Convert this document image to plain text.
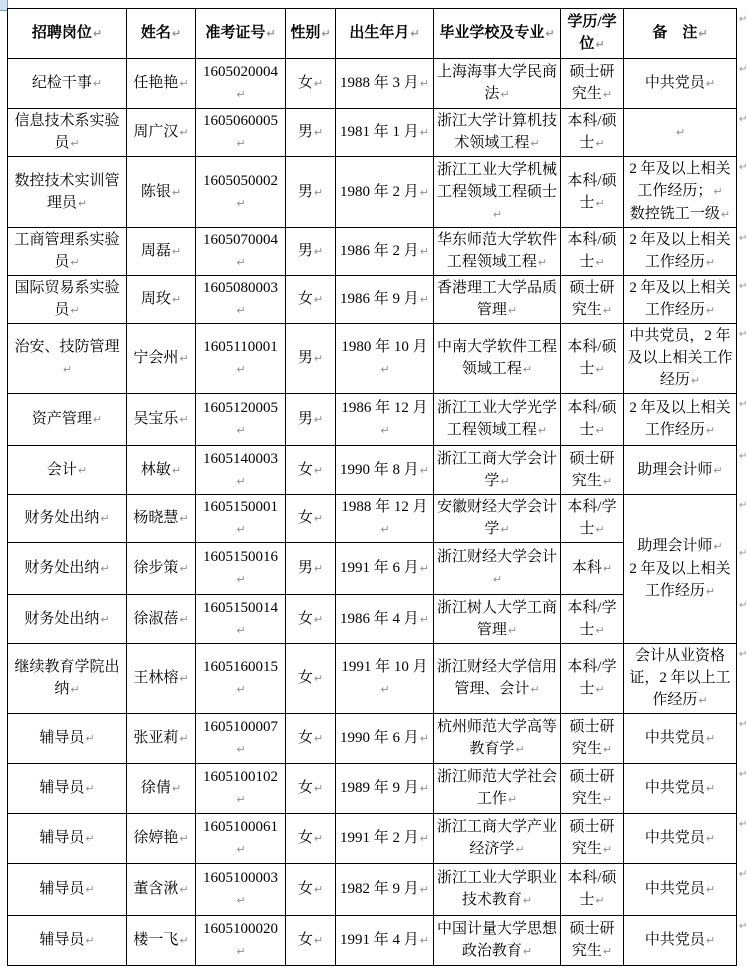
招聘岗位↵	姓名↵	准考证号↵	性别↵	出生年月↵	毕业学校及专业↵	学历/学位↵	备　注↵

纪检干事↵	任艳艳↵	1605020004↵	女↵	1988 年 3 月↵	上海海事大学民商法↵	硕士研究生↵	中共党员↵

信息技术系实验员↵	周广汉↵	1605060005↵	男↵	1981 年 1 月↵	浙江大学计算机技术领域工程↵	本科/硕士↵	↵

数控技术实训管理员↵	陈银↵	1605050002↵	男↵	1980 年 2 月↵	浙江工业大学机械工程领域工程硕士↵	本科/硕士↵	2 年及以上相关工作经历；↵
数控铣工一级↵

工商管理系实验员↵	周磊↵	1605070004↵	男↵	1986 年 2 月↵	华东师范大学软件工程领域工程↵	本科/硕士↵	2 年及以上相关工作经历↵

国际贸易系实验员↵	周玫↵	1605080003↵	女↵	1986 年 9 月↵	香港理工大学品质管理↵	硕士研究生↵	2 年及以上相关工作经历↵

治安、技防管理↵	宁会州↵	1605110001↵	男↵	1980 年 10 月↵	中南大学软件工程领域工程↵	本科/硕士↵	中共党员，2 年及以上相关工作经历↵

资产管理↵	吴宝乐↵	1605120005↵	男↵	1986 年 12 月↵	浙江工业大学光学工程领域工程↵	本科/硕士↵	2 年及以上相关工作经历↵

会计↵	林敏↵	1605140003↵	女↵	1990 年 8 月↵	浙江工商大学会计学↵	硕士研究生↵	助理会计师↵

财务处出纳↵	杨晓慧↵	1605150001↵	女↵	1988 年 12 月↵	安徽财经大学会计学↵	本科/学士↵	助理会计师↵
2 年及以上相关工作经历↵

财务处出纳↵	徐步策↵	1605150016↵	男↵	1991 年 6 月↵	浙江财经大学会计↵	本科↵	

财务处出纳↵	徐淑蓓↵	1605150014↵	女↵	1986 年 4 月↵	浙江树人大学工商管理↵	本科/学士↵	

继续教育学院出纳↵	王林榕↵	1605160015↵	女↵	1991 年 10 月↵	浙江财经大学信用管理、会计↵	本科/学士↵	会计从业资格证，2 年以上工作经历↵

辅导员↵	张亚莉↵	1605100007↵	女↵	1990 年 6 月↵	杭州师范大学高等教育学↵	硕士研究生↵	中共党员↵

辅导员↵	徐倩↵	1605100102↵	女↵	1989 年 9 月↵	浙江师范大学社会工作↵	硕士研究生↵	中共党员↵

辅导员↵	徐婷艳↵	1605100061↵	女↵	1991 年 2 月↵	浙江工商大学产业经济学↵	硕士研究生↵	中共党员↵

辅导员↵	董含湫↵	1605100003↵	女↵	1982 年 9 月↵	浙江工业大学职业技术教育↵	本科/硕士↵	中共党员↵

辅导员↵	楼一飞↵	1605100020↵	女↵	1991 年 4 月↵	中国计量大学思想政治教育↵	硕士研究生↵	中共党员↵
↵
↵
↵
↵
↵
↵
↵
↵
↵
↵
↵
↵
↵
↵
↵
↵
↵
↵
